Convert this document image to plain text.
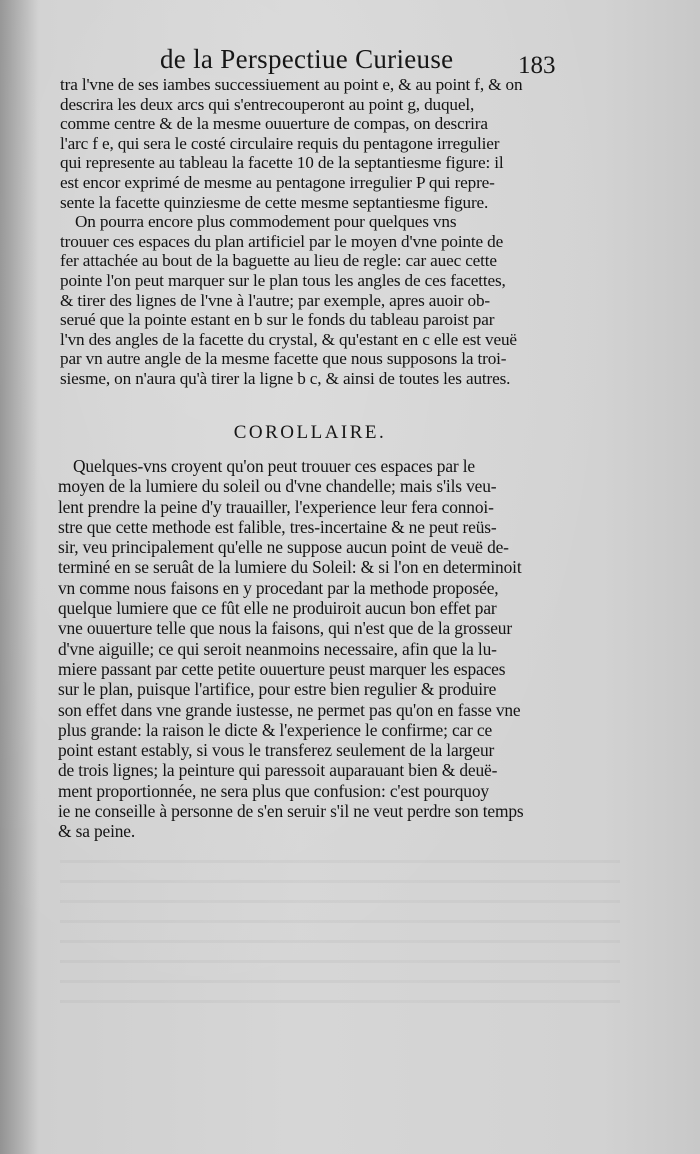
de la Perspectiue Curieuse	183
tra l'vne de ses iambes successiuement au point e, & au point f, & on
descrira les deux arcs qui s'entrecouperont au point g, duquel,
comme centre & de la mesme ouuerture de compas, on descrira
l'arc f e, qui sera le costé circulaire requis du pentagone irregulier
qui represente au tableau la facette 10 de la septantiesme figure: il
est encor exprimé de mesme au pentagone irregulier P qui repre-
sente la facette quinziesme de cette mesme septantiesme figure.
On pourra encore plus commodement pour quelques vns
trouuer ces espaces du plan artificiel par le moyen d'vne pointe de
fer attachée au bout de la baguette au lieu de regle: car auec cette
pointe l'on peut marquer sur le plan tous les angles de ces facettes,
& tirer des lignes de l'vne à l'autre; par exemple, apres auoir ob-
serué que la pointe estant en b sur le fonds du tableau paroist par
l'vn des angles de la facette du crystal, & qu'estant en c elle est veuë
par vn autre angle de la mesme facette que nous supposons la troi-
siesme, on n'aura qu'à tirer la ligne b c, & ainsi de toutes les autres.
COROLLAIRE.
Quelques-vns croyent qu'on peut trouuer ces espaces par le
moyen de la lumiere du soleil ou d'vne chandelle; mais s'ils veu-
lent prendre la peine d'y trauailler, l'experience leur fera connoi-
stre que cette methode est falible, tres-incertaine & ne peut reüs-
sir, veu principalement qu'elle ne suppose aucun point de veuë de-
terminé en se seruât de la lumiere du Soleil: & si l'on en determinoit
vn comme nous faisons en y procedant par la methode proposée,
quelque lumiere que ce fût elle ne produiroit aucun bon effet par
vne ouuerture telle que nous la faisons, qui n'est que de la grosseur
d'vne aiguille; ce qui seroit neanmoins necessaire, afin que la lu-
miere passant par cette petite ouuerture peust marquer les espaces
sur le plan, puisque l'artifice, pour estre bien regulier & produire
son effet dans vne grande iustesse, ne permet pas qu'on en fasse vne
plus grande: la raison le dicte & l'experience le confirme; car ce
point estant estably, si vous le transferez seulement de la largeur
de trois lignes; la peinture qui paressoit auparauant bien & deuë-
ment proportionnée, ne sera plus que confusion: c'est pourquoy
ie ne conseille à personne de s'en seruir s'il ne veut perdre son temps
& sa peine.
